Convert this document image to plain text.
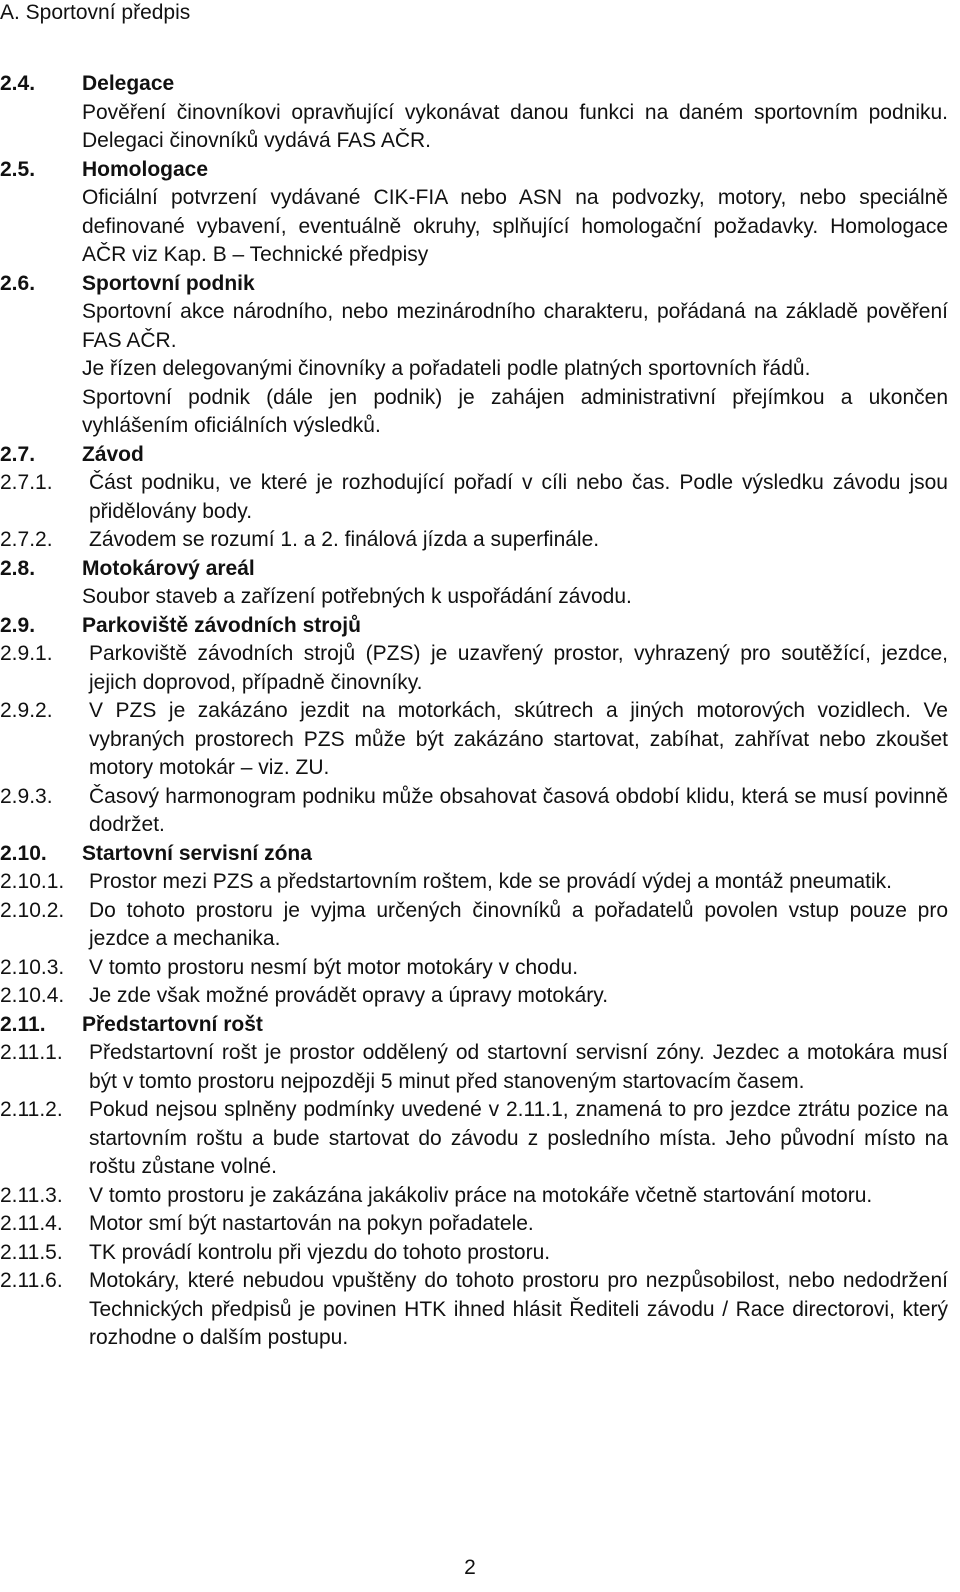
A. Sportovní předpis
2.4.	Delegace

Pověření činovníkovi opravňující vykonávat danou funkci na daném sportovním podniku. Delegaci činovníků vydává FAS AČR.

2.5.	Homologace

Oficiální potvrzení vydávané CIK-FIA nebo ASN na podvozky, motory, nebo speciálně definované vybavení, eventuálně okruhy, splňující homologační požadavky. Homologace AČR viz Kap. B – Technické předpisy

2.6.	Sportovní podnik

Sportovní akce národního, nebo mezinárodního charakteru, pořádaná na základě pověření FAS AČR.

Je řízen delegovanými činovníky a pořadateli podle platných sportovních řádů.

Sportovní podnik (dále jen podnik) je zahájen administrativní přejímkou a ukončen vyhlášením oficiálních výsledků.

2.7.	Závod
2.7.1.	Část podniku, ve které je rozhodující pořadí v cíli nebo čas. Podle výsledku závodu jsou přidělovány body.

2.7.2.	Závodem se rozumí 1. a 2. finálová jízda a superfinále.

2.8.	Motokárový areál

Soubor staveb a zařízení potřebných k uspořádání závodu.

2.9.	Parkoviště závodních strojů
2.9.1.	Parkoviště závodních strojů (PZS) je uzavřený prostor, vyhrazený pro soutěžící, jezdce, jejich doprovod, případně činovníky.

2.9.2.	V PZS je zakázáno jezdit na motorkách, skútrech a jiných motorových vozidlech. Ve vybraných prostorech PZS může být zakázáno startovat, zabíhat, zahřívat nebo zkoušet motory motokár – viz. ZU.

2.9.3.	Časový harmonogram podniku může obsahovat časová období klidu, která se musí povinně dodržet.

2.10.	Startovní servisní zóna
2.10.1.	Prostor mezi PZS a předstartovním roštem, kde se provádí výdej a montáž pneumatik.

2.10.2.	Do tohoto prostoru je vyjma určených činovníků a pořadatelů povolen vstup pouze pro jezdce a mechanika.

2.10.3.	V tomto prostoru nesmí být motor motokáry v chodu.

2.10.4.	Je zde však možné provádět opravy a úpravy motokáry.

2.11.	Předstartovní rošt
2.11.1.	Předstartovní rošt je prostor oddělený od startovní servisní zóny. Jezdec a motokára musí být v tomto prostoru nejpozději 5 minut před stanoveným startovacím časem.

2.11.2.	Pokud nejsou splněny podmínky uvedené v 2.11.1, znamená to pro jezdce ztrátu pozice na startovním roštu a bude startovat do závodu z posledního místa. Jeho původní místo na roštu zůstane volné.

2.11.3.	V tomto prostoru je zakázána jakákoliv práce na motokáře včetně startování motoru.

2.11.4.	Motor smí být nastartován na pokyn pořadatele.

2.11.5.	TK provádí kontrolu při vjezdu do tohoto prostoru.

2.11.6.	Motokáry, které nebudou vpuštěny do tohoto prostoru pro nezpůsobilost, nebo nedodržení Technických předpisů je povinen HTK ihned hlásit Řediteli závodu / Race directorovi, který rozhodne o dalším postupu.

2
